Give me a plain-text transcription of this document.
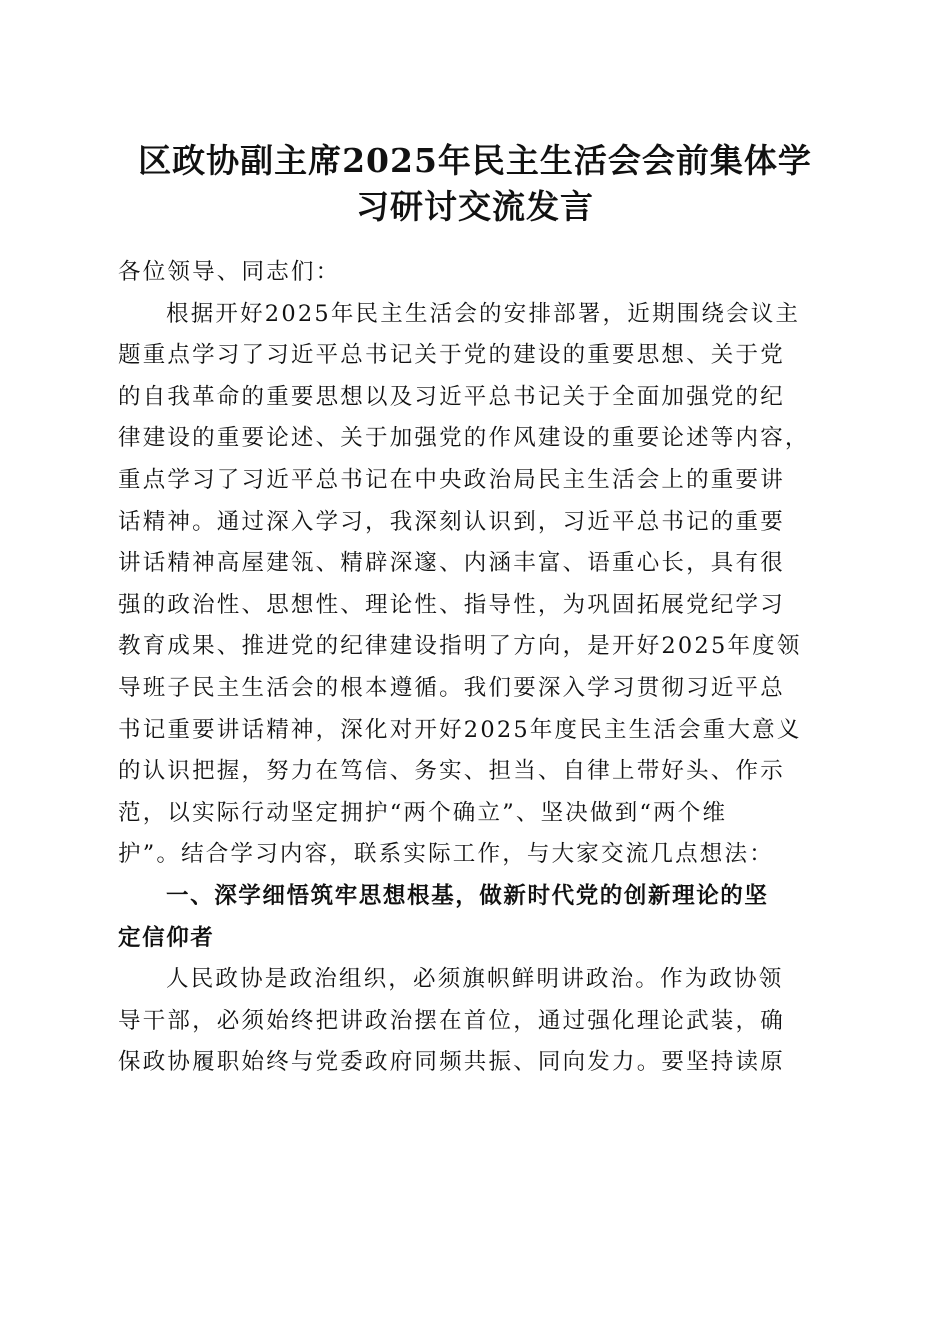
区政协副主席2025年民主生活会会前集体学
习研讨交流发言

各位领导、同志们：

根据开好2025年民主生活会的安排部署，近期围绕会议主
题重点学习了习近平总书记关于党的建设的重要思想、关于党
的自我革命的重要思想以及习近平总书记关于全面加强党的纪
律建设的重要论述、关于加强党的作风建设的重要论述等内容，
重点学习了习近平总书记在中央政治局民主生活会上的重要讲
话精神。通过深入学习，我深刻认识到，习近平总书记的重要
讲话精神高屋建瓴、精辟深邃、内涵丰富、语重心长，具有很
强的政治性、思想性、理论性、指导性，为巩固拓展党纪学习
教育成果、推进党的纪律建设指明了方向，是开好2025年度领
导班子民主生活会的根本遵循。我们要深入学习贯彻习近平总
书记重要讲话精神，深化对开好2025年度民主生活会重大意义
的认识把握，努力在笃信、务实、担当、自律上带好头、作示
范，以实际行动坚定拥护“两个确立”、坚决做到“两个维
护”。结合学习内容，联系实际工作，与大家交流几点想法：

一、深学细悟筑牢思想根基，做新时代党的创新理论的坚
定信仰者

人民政协是政治组织，必须旗帜鲜明讲政治。作为政协领
导干部，必须始终把讲政治摆在首位，通过强化理论武装，确
保政协履职始终与党委政府同频共振、同向发力。要坚持读原
